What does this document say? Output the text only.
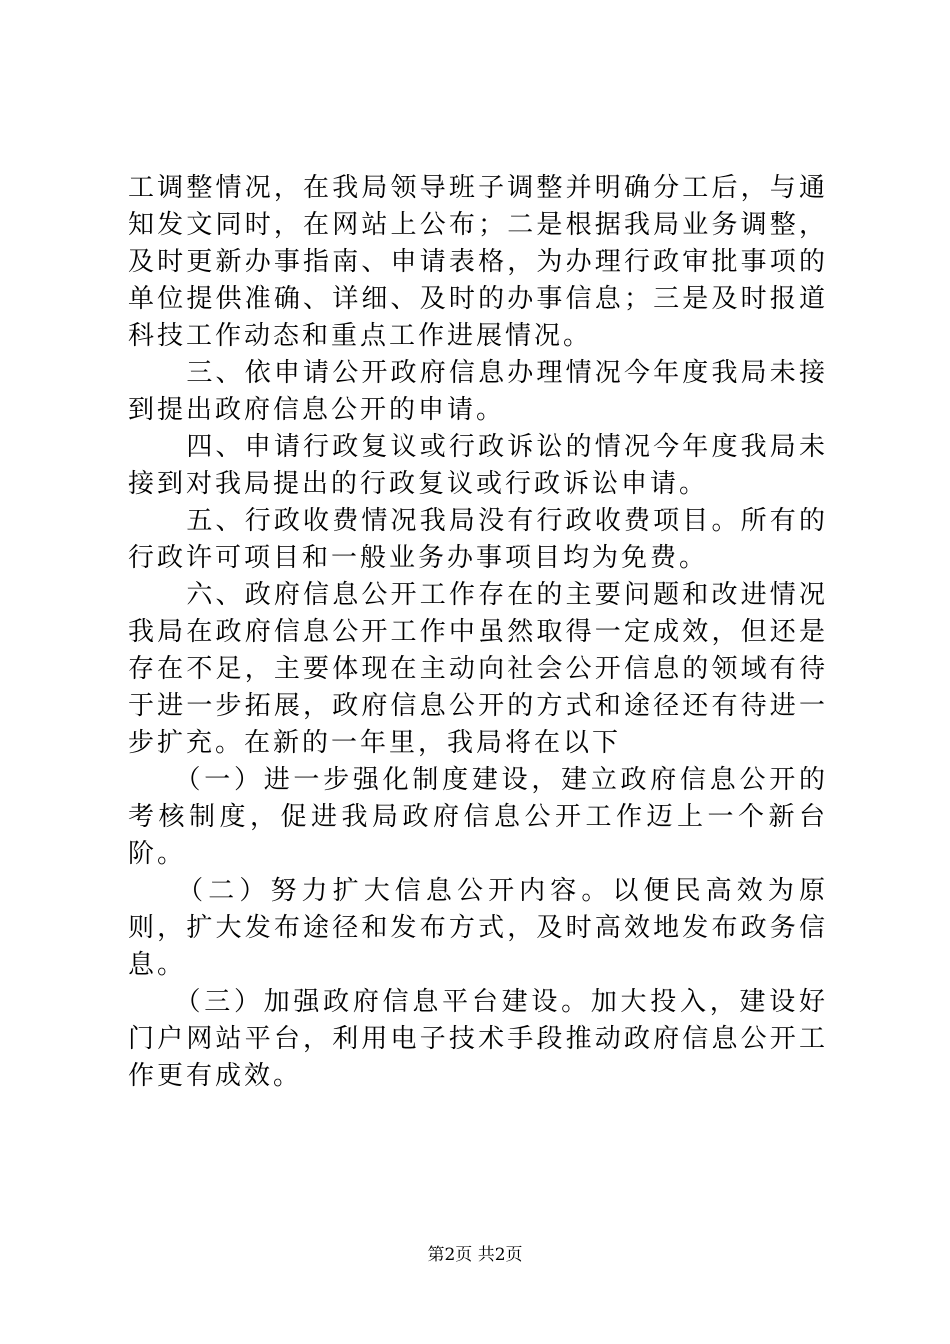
工调整情况，在我局领导班子调整并明确分工后，与通知发文同时，在网站上公布；二是根据我局业务调整，及时更新办事指南、申请表格，为办理行政审批事项的单位提供准确、详细、及时的办事信息；三是及时报道科技工作动态和重点工作进展情况。

　　三、依申请公开政府信息办理情况今年度我局未接到提出政府信息公开的申请。

　　四、申请行政复议或行政诉讼的情况今年度我局未接到对我局提出的行政复议或行政诉讼申请。

　　五、行政收费情况我局没有行政收费项目。所有的行政许可项目和一般业务办事项目均为免费。

　　六、政府信息公开工作存在的主要问题和改进情况我局在政府信息公开工作中虽然取得一定成效，但还是存在不足，主要体现在主动向社会公开信息的领域有待于进一步拓展，政府信息公开的方式和途径还有待进一步扩充。在新的一年里，我局将在以下

　　（一）进一步强化制度建设，建立政府信息公开的考核制度，促进我局政府信息公开工作迈上一个新台阶。

　　（二）努力扩大信息公开内容。以便民高效为原则，扩大发布途径和发布方式，及时高效地发布政务信息。

　　（三）加强政府信息平台建设。加大投入，建设好门户网站平台，利用电子技术手段推动政府信息公开工作更有成效。

第2页 共2页
